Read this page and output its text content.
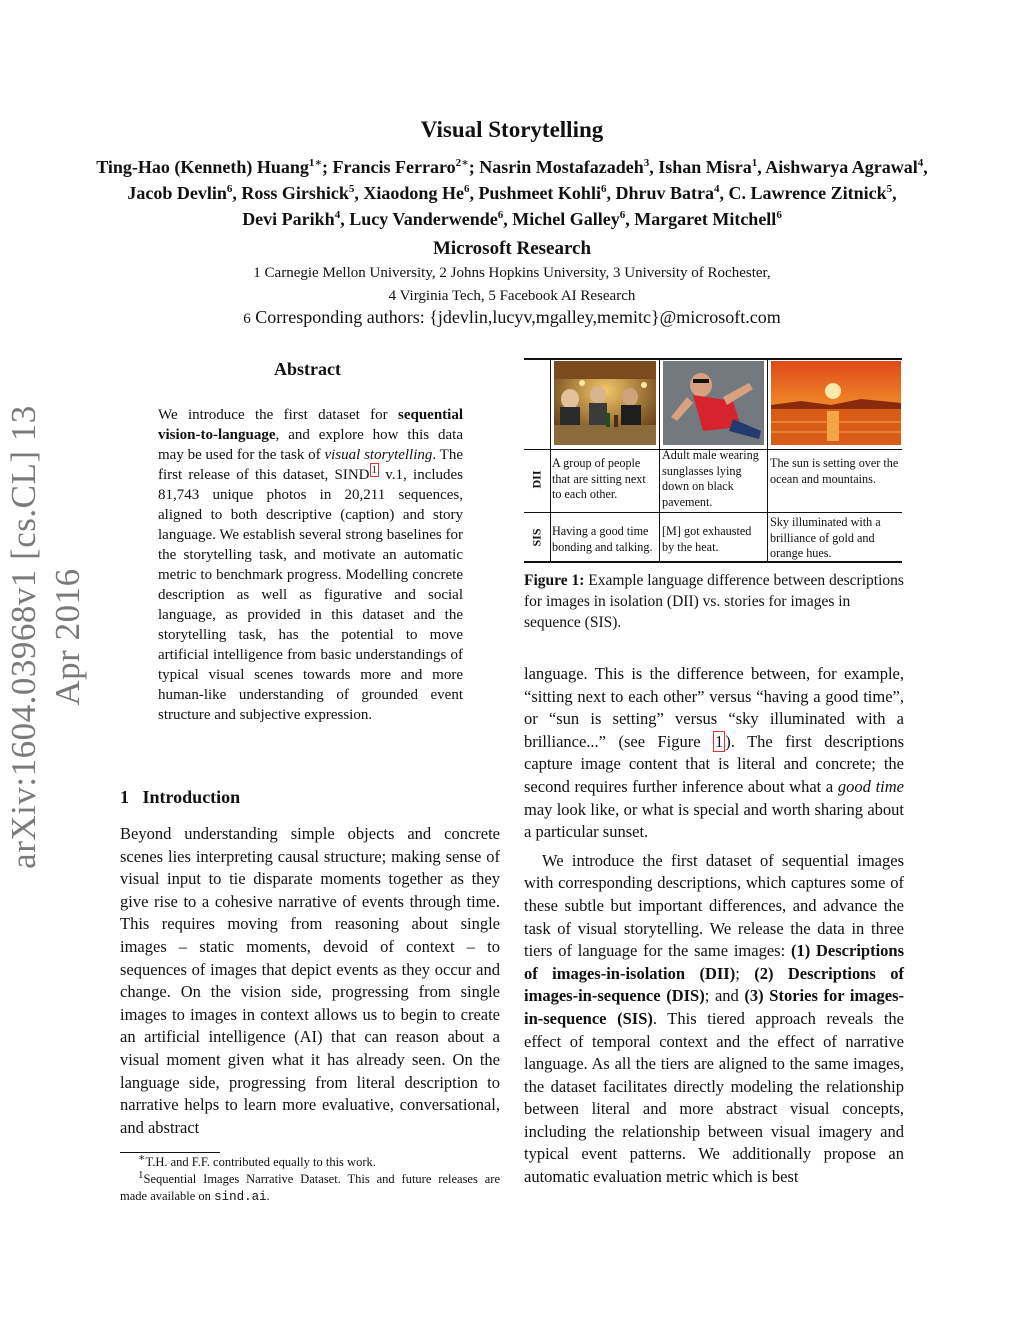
arXiv:1604.03968v1 [cs.CL] 13 Apr 2016
Visual Storytelling
Ting-Hao (Kenneth) Huang$^{1∗}$; Francis Ferraro$^{2∗}$; Nasrin Mostafazadeh$^3$, Ishan Misra$^1$, Aishwarya Agrawal$^4$,
Jacob Devlin$^6$, Ross Girshick$^5$, Xiaodong He$^6$, Pushmeet Kohli$^6$, Dhruv Batra$^4$, C. Lawrence Zitnick$^5$,
Devi Parikh$^4$, Lucy Vanderwende$^6$, Michel Galley$^6$, Margaret Mitchell$^6$
Microsoft Research
1 Carnegie Mellon University, 2 Johns Hopkins University, 3 University of Rochester,
4 Virginia Tech, 5 Facebook AI Research
6 Corresponding authors: {jdevlin,lucyv,mgalley,memitc}@microsoft.com
Abstract
We introduce the first dataset for sequential vision-to-language, and explore how this data may be used for the task of visual storytelling. The first release of this dataset, SIND $^1$ v.1, includes 81,743 unique photos in 20,211 sequences, aligned to both descriptive (caption) and story language. We establish several strong baselines for the storytelling task, and motivate an automatic metric to benchmark progress. Modelling concrete description as well as figurative and social language, as provided in this dataset and the storytelling task, has the potential to move artificial intelligence from basic understandings of typical visual scenes towards more and more human-like understanding of grounded event structure and subjective expression.
1 Introduction

Beyond understanding simple objects and concrete scenes lies interpreting causal structure; making sense of visual input to tie disparate moments together as they give rise to a cohesive narrative of events through time. This requires moving from reasoning about single images – static moments, devoid of context – to sequences of images that depict events as they occur and change. On the vision side, progressing from single images to images in context allows us to begin to create an artificial intelligence (AI) that can reason about a visual moment given what it has already seen. On the language side, progressing from literal description to narrative helps to learn more evaluative, conversational, and abstract

∗T.H. and F.F. contributed equally to this work.
$^1$Sequential Images Narrative Dataset. This and future releases are made available on sind.ai.
DII
SIS
A group of people that are sitting next to each other.
Adult male wearing sunglasses lying down on black pavement.
The sun is setting over the ocean and mountains.
Having a good time bonding and talking.
[M] got exhausted by the heat.
Sky illuminated with a brilliance of gold and orange hues.
Figure 1: Example language difference between descriptions for images in isolation (DII) vs. stories for images in sequence (SIS).

language. This is the difference between, for example, “sitting next to each other” versus “having a good time”, or “sun is setting” versus “sky illuminated with a brilliance...” (see Figure 1 ). The first descriptions capture image content that is literal and concrete; the second requires further inference about what a good time may look like, or what is special and worth sharing about a particular sunset.

We introduce the first dataset of sequential images with corresponding descriptions, which captures some of these subtle but important differences, and advance the task of visual storytelling. We release the data in three tiers of language for the same images: (1) Descriptions of images-in-isolation (DII); (2) Descriptions of images-in-sequence (DIS); and (3) Stories for images-in-sequence (SIS). This tiered approach reveals the effect of temporal context and the effect of narrative language. As all the tiers are aligned to the same images, the dataset facilitates directly modeling the relationship between literal and more abstract visual concepts, including the relationship between visual imagery and typical event patterns. We additionally propose an automatic evaluation metric which is best
